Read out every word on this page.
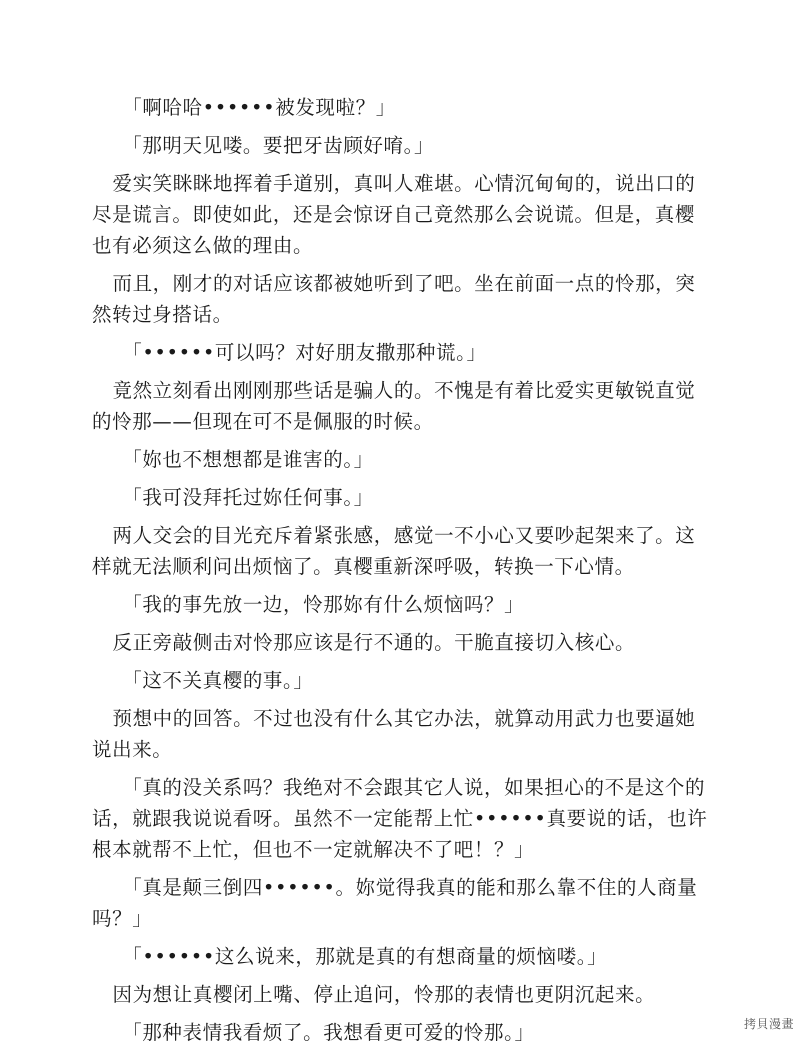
「啊哈哈••••••被发现啦？」

「那明天见喽。要把牙齿顾好唷。」

爱实笑眯眯地挥着手道别，真叫人难堪。心情沉甸甸的，说出口的尽是谎言。即使如此，还是会惊讶自己竟然那么会说谎。但是，真樱也有必须这么做的理由。

而且，刚才的对话应该都被她听到了吧。坐在前面一点的怜那，突然转过身搭话。

「••••••可以吗？对好朋友撒那种谎。」

竟然立刻看出刚刚那些话是骗人的。不愧是有着比爱实更敏锐直觉的怜那——但现在可不是佩服的时候。

「妳也不想想都是谁害的。」

「我可没拜托过妳任何事。」

两人交会的目光充斥着紧张感，感觉一不小心又要吵起架来了。这样就无法顺利问出烦恼了。真樱重新深呼吸，转换一下心情。

「我的事先放一边，怜那妳有什么烦恼吗？」

反正旁敲侧击对怜那应该是行不通的。干脆直接切入核心。

「这不关真樱的事。」

预想中的回答。不过也没有什么其它办法，就算动用武力也要逼她说出来。

「真的没关系吗？我绝对不会跟其它人说，如果担心的不是这个的话，就跟我说说看呀。虽然不一定能帮上忙••••••真要说的话，也许根本就帮不上忙，但也不一定就解决不了吧！？」

「真是颠三倒四••••••。妳觉得我真的能和那么靠不住的人商量吗？」

「••••••这么说来，那就是真的有想商量的烦恼喽。」

因为想让真樱闭上嘴、停止追问，怜那的表情也更阴沉起来。

「那种表情我看烦了。我想看更可爱的怜那。」	拷貝漫畫
